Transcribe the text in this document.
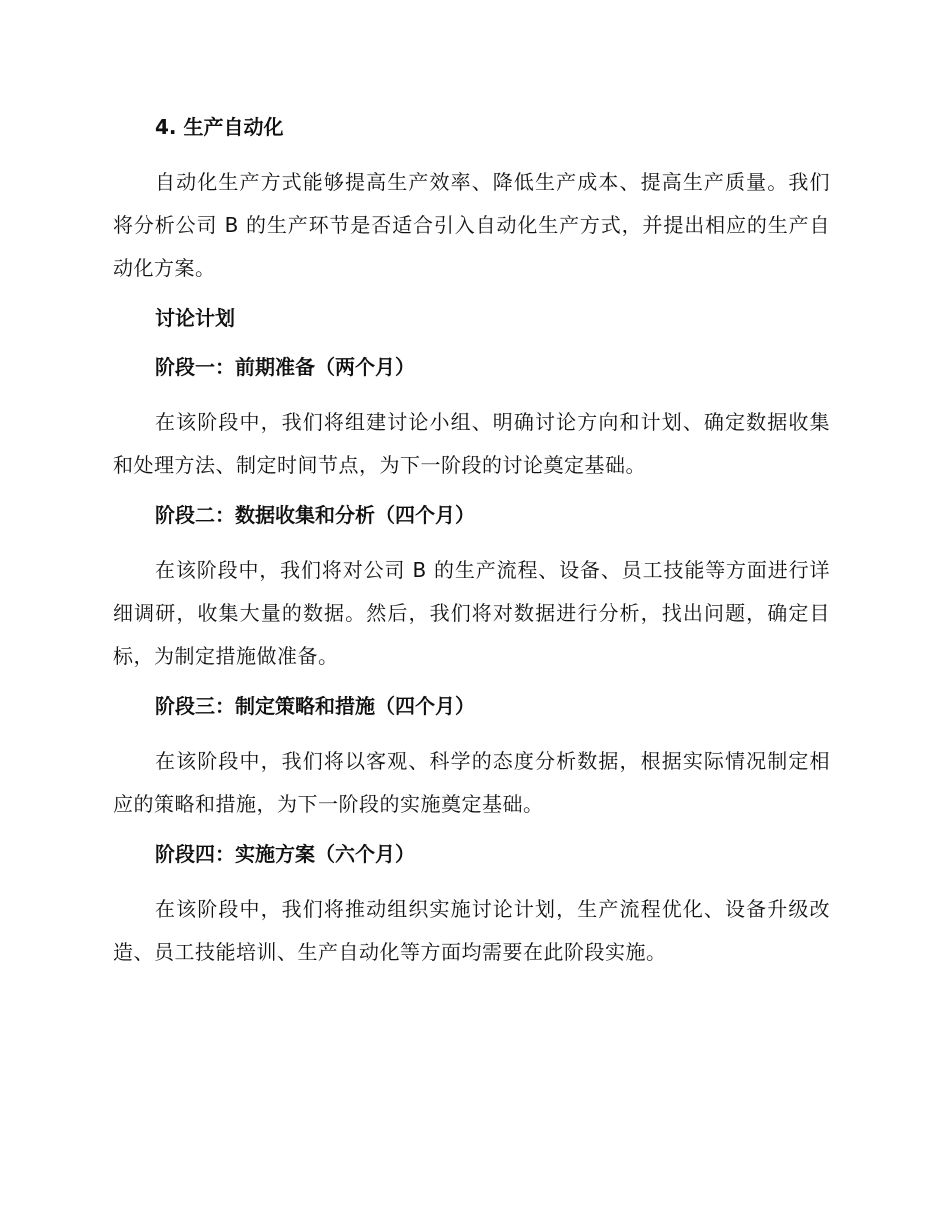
4. 生产自动化
自动化生产方式能够提高生产效率、降低生产成本、提高生产质量。我们将分析公司 B 的生产环节是否适合引入自动化生产方式，并提出相应的生产自动化方案。
讨论计划
阶段一：前期准备（两个月）
在该阶段中，我们将组建讨论小组、明确讨论方向和计划、确定数据收集和处理方法、制定时间节点，为下一阶段的讨论奠定基础。
阶段二：数据收集和分析（四个月）
在该阶段中，我们将对公司 B 的生产流程、设备、员工技能等方面进行详细调研，收集大量的数据。然后，我们将对数据进行分析，找出问题，确定目标，为制定措施做准备。
阶段三：制定策略和措施（四个月）
在该阶段中，我们将以客观、科学的态度分析数据，根据实际情况制定相应的策略和措施，为下一阶段的实施奠定基础。
阶段四：实施方案（六个月）
在该阶段中，我们将推动组织实施讨论计划，生产流程优化、设备升级改造、员工技能培训、生产自动化等方面均需要在此阶段实施。
